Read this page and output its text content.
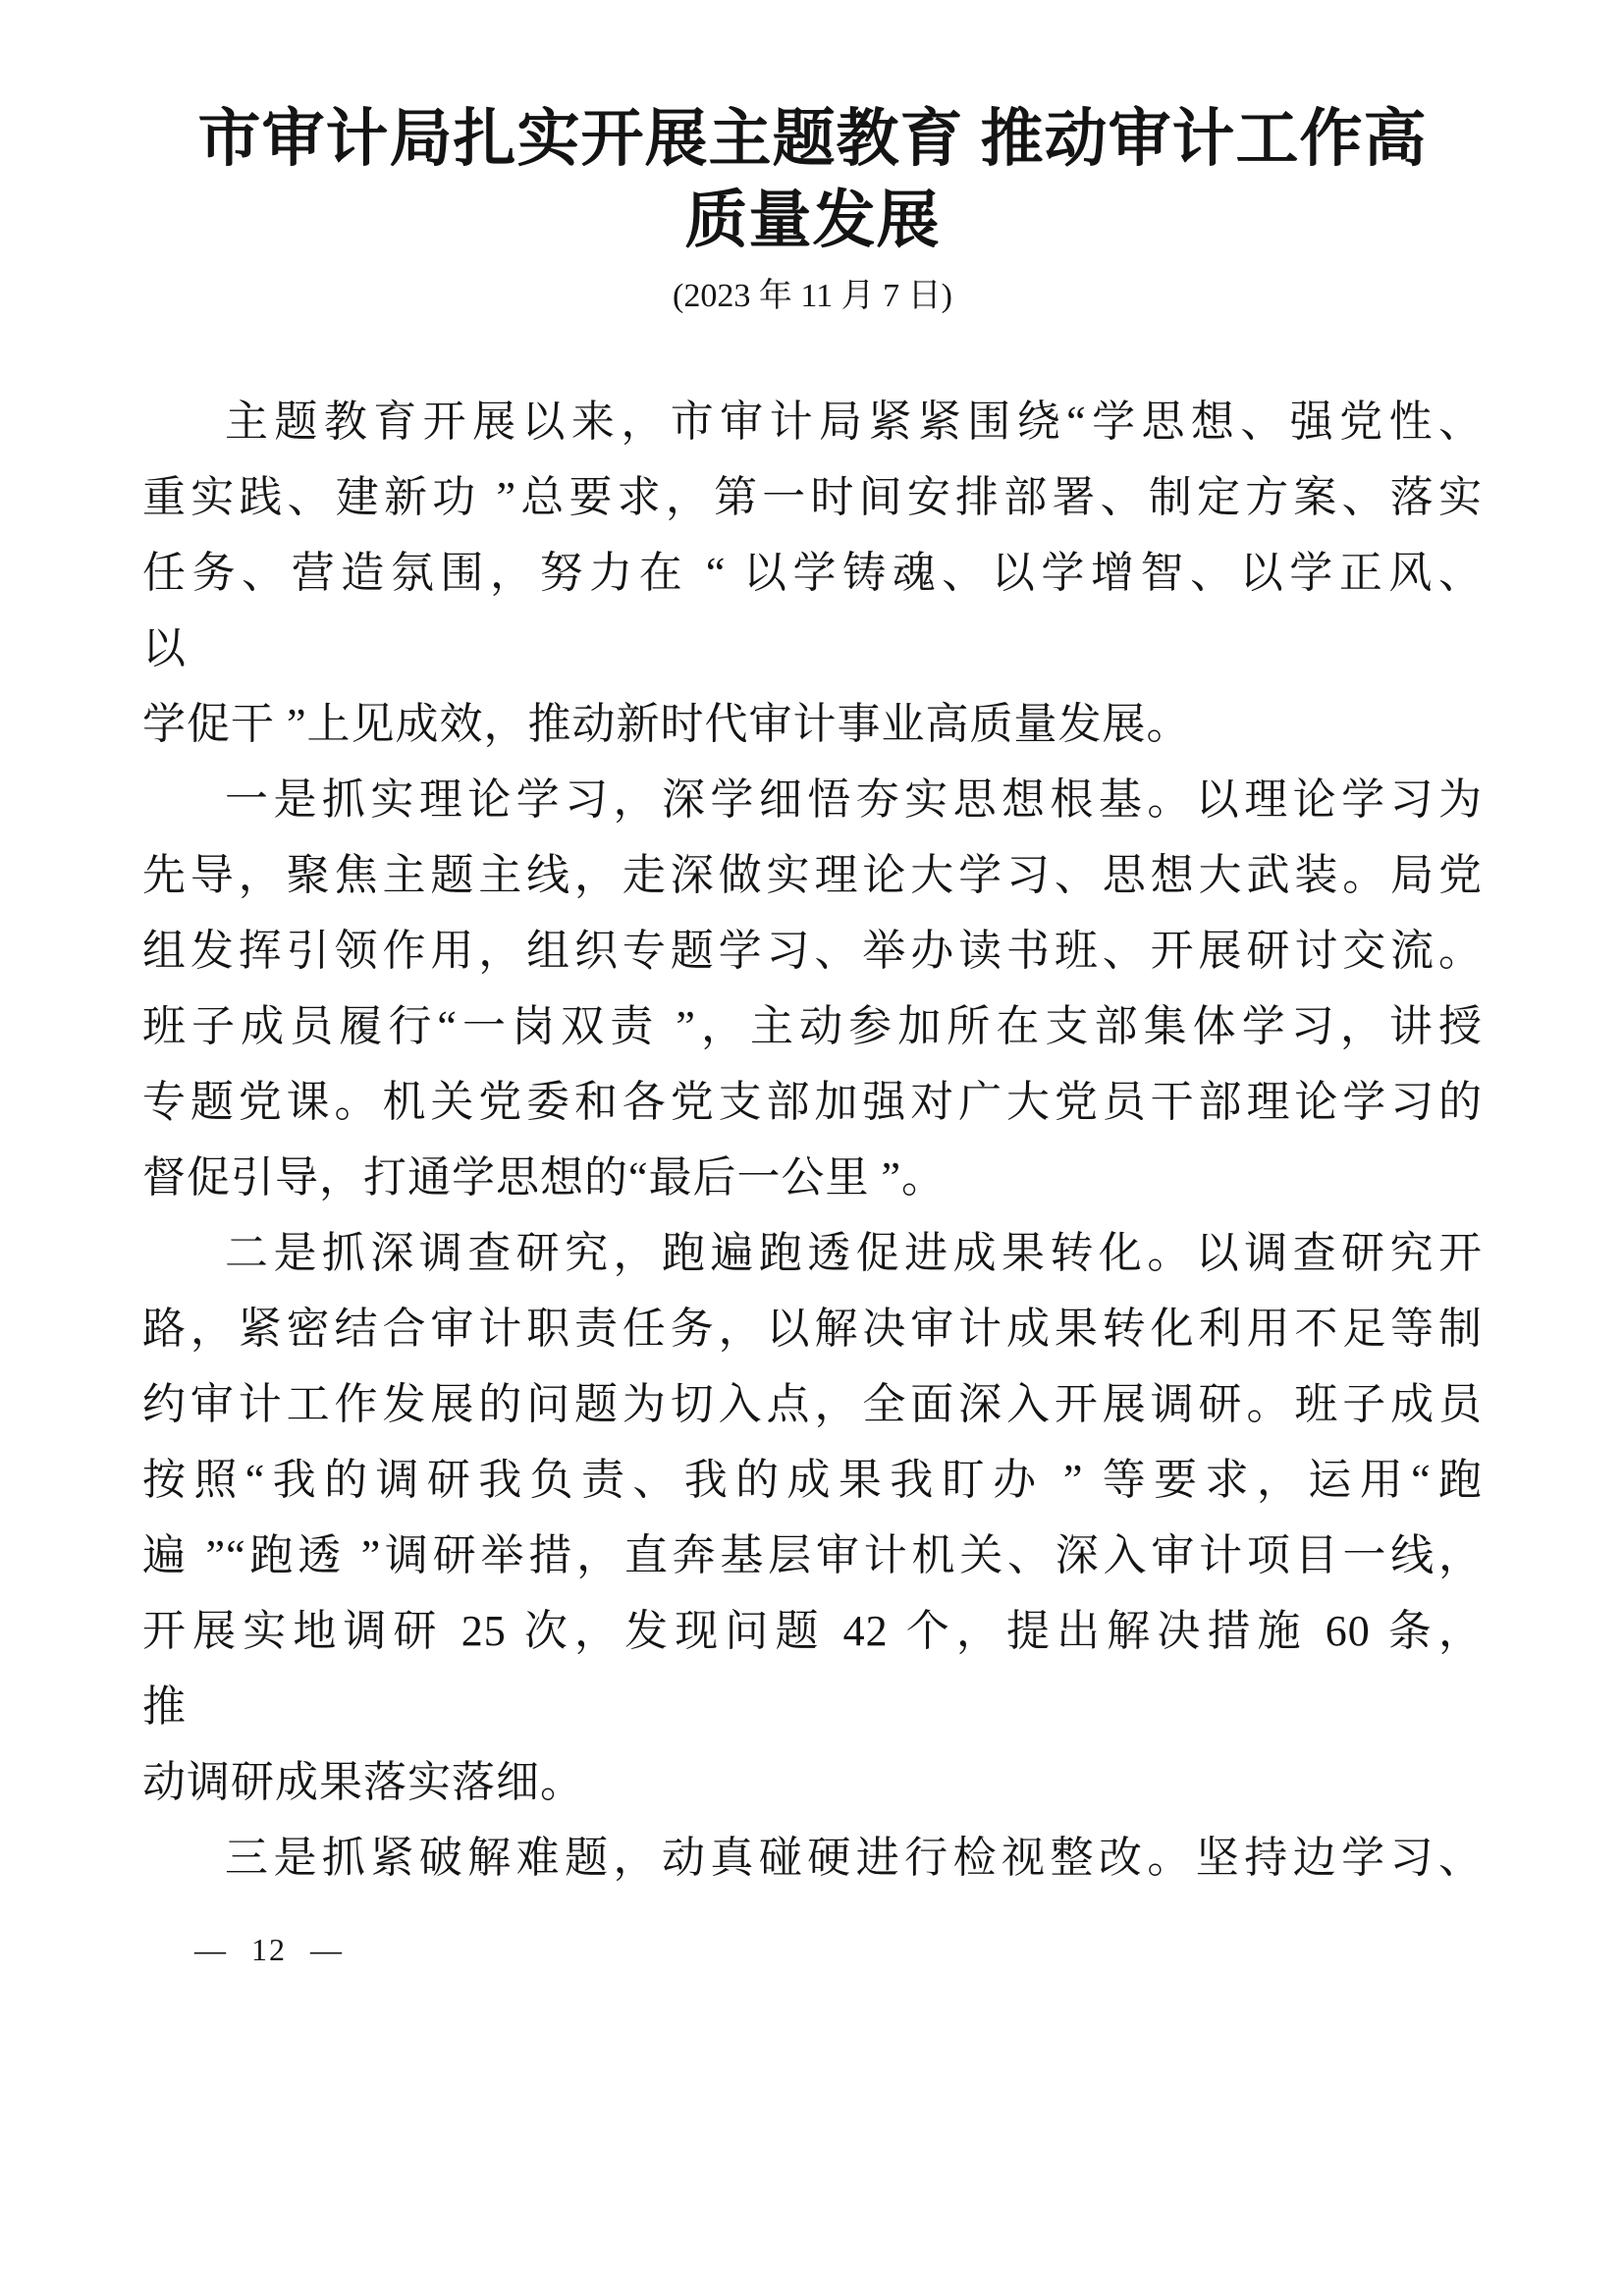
市审计局扎实开展主题教育 推动审计工作高
质量发展
(2023 年 11 月 7 日)
主题教育开展以来，市审计局紧紧围绕“学思想、强党性、
重实践、建新功 ”总要求，第一时间安排部署、制定方案、落实
任务、营造氛围，努力在 “ 以学铸魂、以学增智、以学正风、
以
学促干 ”上见成效，推动新时代审计事业高质量发展。
一是抓实理论学习，深学细悟夯实思想根基。以理论学习为
先导，聚焦主题主线，走深做实理论大学习、思想大武装。局党
组发挥引领作用，组织专题学习、举办读书班、开展研讨交流。
班子成员履行“一岗双责 ”，主动参加所在支部集体学习，讲授
专题党课。机关党委和各党支部加强对广大党员干部理论学习的
督促引导，打通学思想的“最后一公里 ”。
二是抓深调查研究，跑遍跑透促进成果转化。以调查研究开
路，紧密结合审计职责任务，以解决审计成果转化利用不足等制
约审计工作发展的问题为切入点，全面深入开展调研。班子成员
按照“我的调研我负责、我的成果我盯办 ” 等要求，运用“跑
遍 ”“跑透 ”调研举措，直奔基层审计机关、深入审计项目一线，
开展实地调研 25 次，发现问题 42 个，提出解决措施 60 条，
推
动调研成果落实落细。
三是抓紧破解难题，动真碰硬进行检视整改。坚持边学习、
— 12 —
